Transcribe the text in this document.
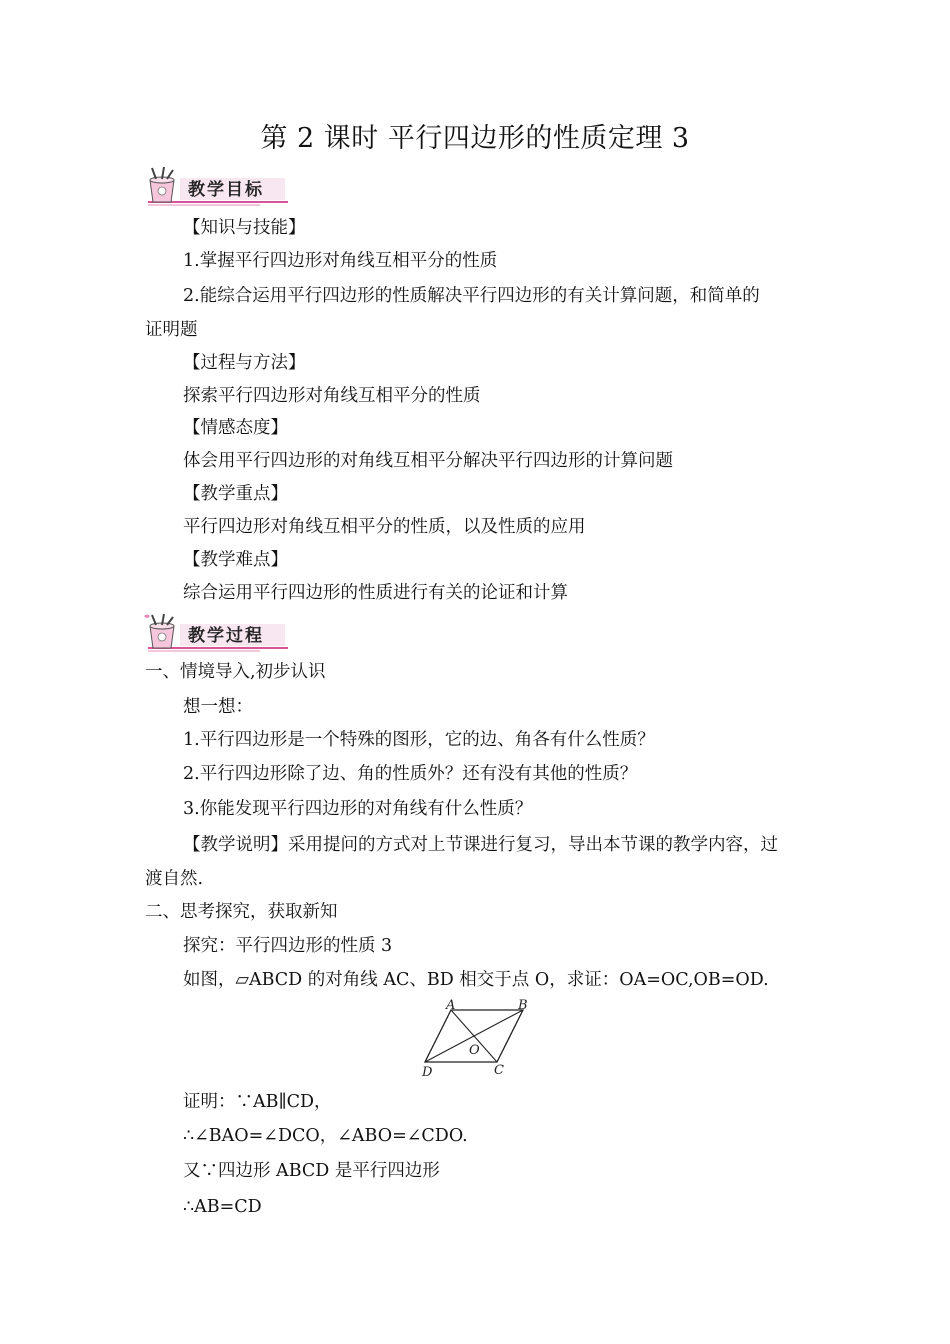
第 2 课时 平行四边形的性质定理 3
教学目标
【知识与技能】
1.掌握平行四边形对角线互相平分的性质
2.能综合运用平行四边形的性质解决平行四边形的有关计算问题，和简单的
证明题
【过程与方法】
探索平行四边形对角线互相平分的性质
【情感态度】
体会用平行四边形的对角线互相平分解决平行四边形的计算问题
【教学重点】
平行四边形对角线互相平分的性质，以及性质的应用
【教学难点】
综合运用平行四边形的性质进行有关的论证和计算
教学过程
一、情境导入,初步认识
想一想：
1.平行四边形是一个特殊的图形，它的边、角各有什么性质？
2.平行四边形除了边、角的性质外？还有没有其他的性质？
3.你能发现平行四边形的对角线有什么性质？
【教学说明】采用提问的方式对上节课进行复习，导出本节课的教学内容，过
渡自然.
二、思考探究，获取新知
探究：平行四边形的性质 3
如图，▱ABCD 的对角线 AC、BD 相交于点 O，求证：OA=OC,OB=OD.
A	B
C
D
O
证明：∵AB∥CD，
∴∠BAO=∠DCO，∠ABO=∠CDO.
又∵四边形 ABCD 是平行四边形
∴AB=CD
